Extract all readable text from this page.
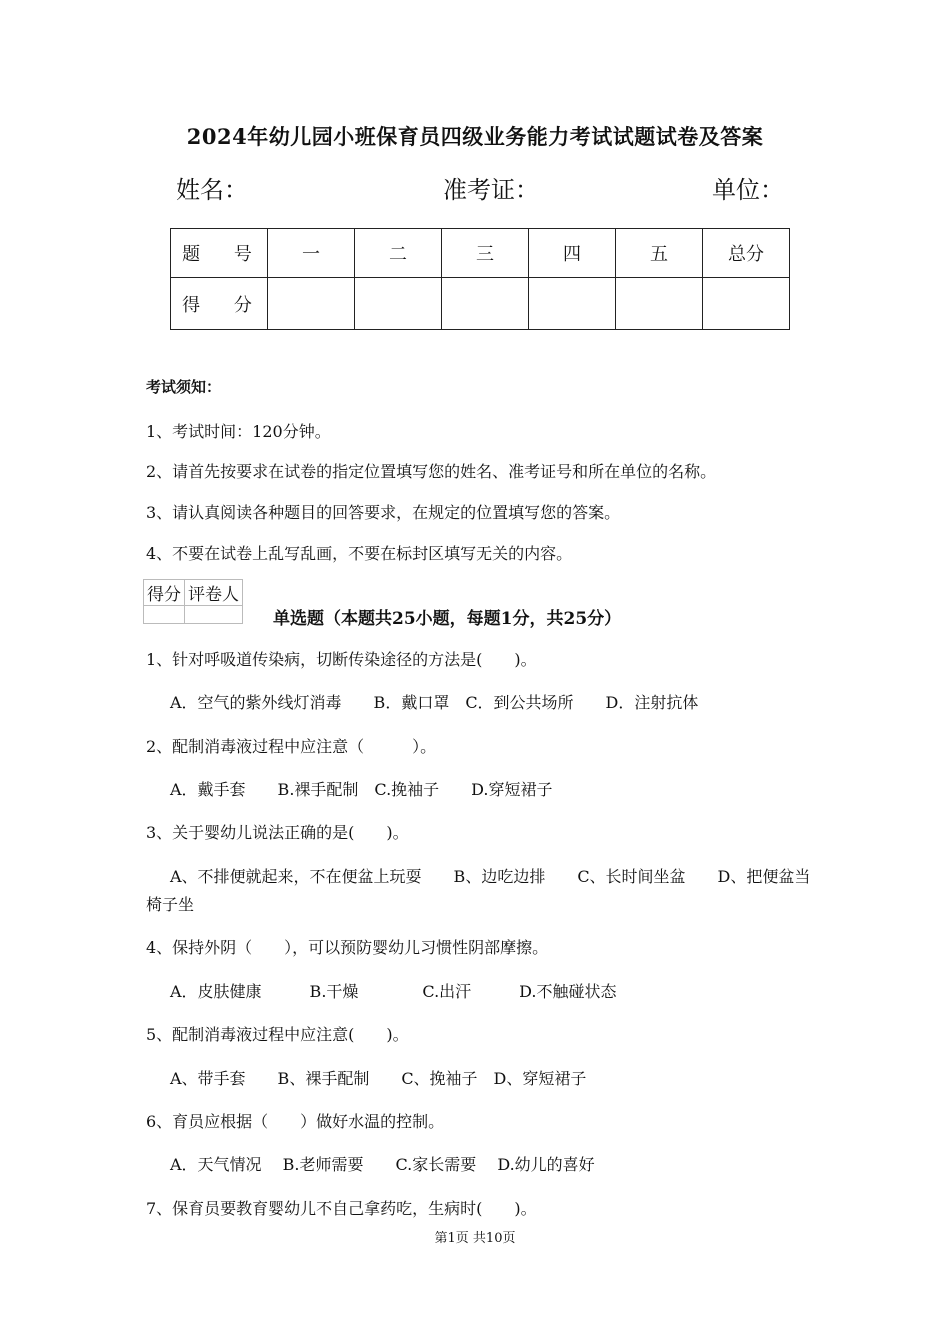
2024年幼儿园小班保育员四级业务能力考试试题试卷及答案
姓名：	准考证：	单位：
题 号	一	二	三	四	五	总分
得 分						
考试须知：
1、考试时间：120分钟。
2、请首先按要求在试卷的指定位置填写您的姓名、准考证号和所在单位的名称。
3、请认真阅读各种题目的回答要求，在规定的位置填写您的答案。
4、不要在试卷上乱写乱画，不要在标封区填写无关的内容。
得分	评卷人

单选题（本题共25小题，每题1分，共25分）
1、针对呼吸道传染病，切断传染途径的方法是(　　)。
A．空气的紫外线灯消毒　　B．戴口罩　C．到公共场所　　D．注射抗体
2、配制消毒液过程中应注意（　　　）。
A．戴手套　　B.裸手配制　C.挽袖子　　D.穿短裙子
3、关于婴幼儿说法正确的是(　　)。
A、不排便就起来，不在便盆上玩耍　　B、边吃边排　　C、长时间坐盆　　D、把便盆当
椅子坐
4、保持外阴（　　），可以预防婴幼儿习惯性阴部摩擦。
A．皮肤健康　　　B.干燥　　　　C.出汗　　　D.不触碰状态
5、配制消毒液过程中应注意(　　)。
A、带手套　　B、裸手配制　　C、挽袖子　D、穿短裙子
6、育员应根据（　　）做好水温的控制。
A．天气情况　 B.老师需要　　C.家长需要　 D.幼儿的喜好
7、保育员要教育婴幼儿不自己拿药吃，生病时(　　)。
第1页 共10页
